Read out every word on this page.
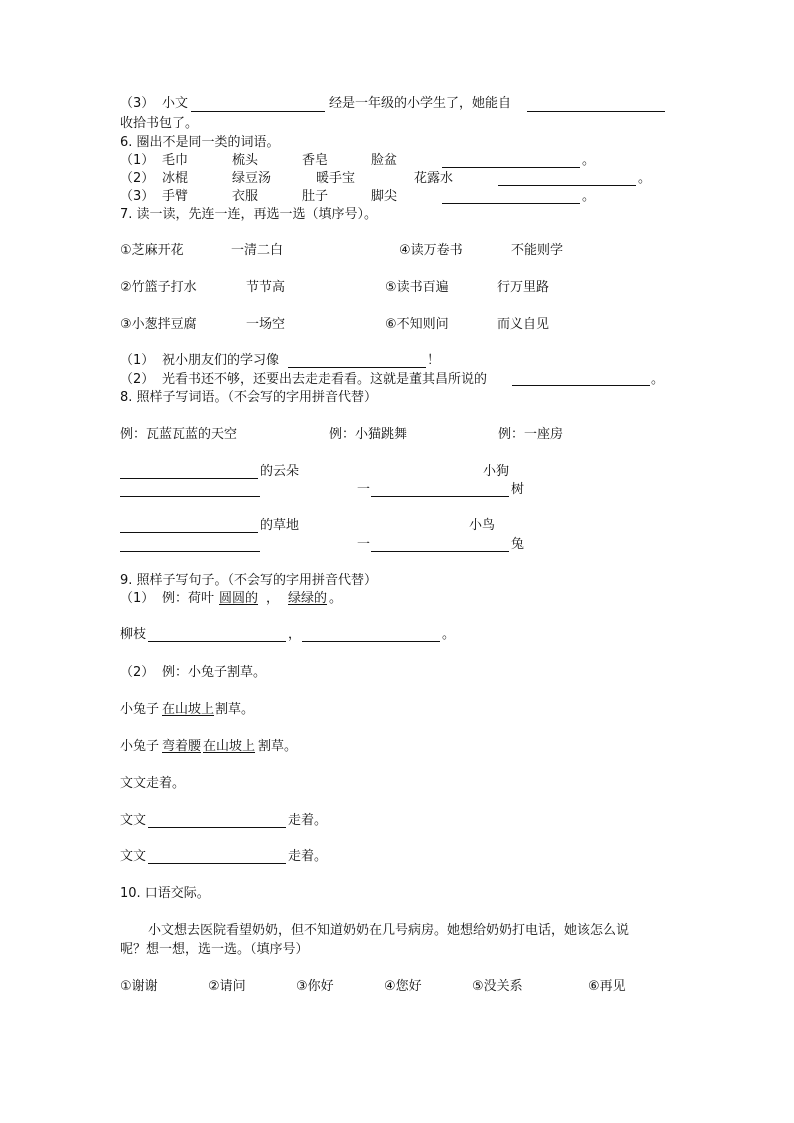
（3） 小文	经是一年级的小学生了，她能自
收拾书包了。
6. 圈出不是同一类的词语。
（1） 毛巾	梳头	香皂	脸盆	。
（2） 冰棍	绿豆汤	暖手宝	花露水	。
（3） 手臂	衣服	肚子	脚尖	。
7. 读一读，先连一连，再选一选（填序号）。
①芝麻开花	一清二白	④读万卷书	不能则学
②竹篮子打水	节节高	⑤读书百遍	行万里路
③小葱拌豆腐	一场空	⑥不知则问	而义自见
（1） 祝小朋友们的学习像	！
（2） 光看书还不够，还要出去走走看看。这就是董其昌所说的	。
8. 照样子写词语。（不会写的字用拼音代替）
例：瓦蓝瓦蓝的天空	例：小猫跳舞	例：一座房
的云朵	小狗
一	树
的草地	小鸟
一	兔
9. 照样子写句子。（不会写的字用拼音代替）
（1） 例：荷叶 圆圆的 ， 绿绿的 。
柳枝	，	。
（2） 例：小兔子割草。
小兔子 在山坡上 割草。
小兔子 弯着腰 在山坡上 割草。
文文走着。
文文	走着。
文文	走着。
10. 口语交际。
小文想去医院看望奶奶，但不知道奶奶在几号病房。她想给奶奶打电话，她该怎么说
呢？想一想，选一选。（填序号）
①谢谢	②请问	③你好	④您好	⑤没关系	⑥再见
